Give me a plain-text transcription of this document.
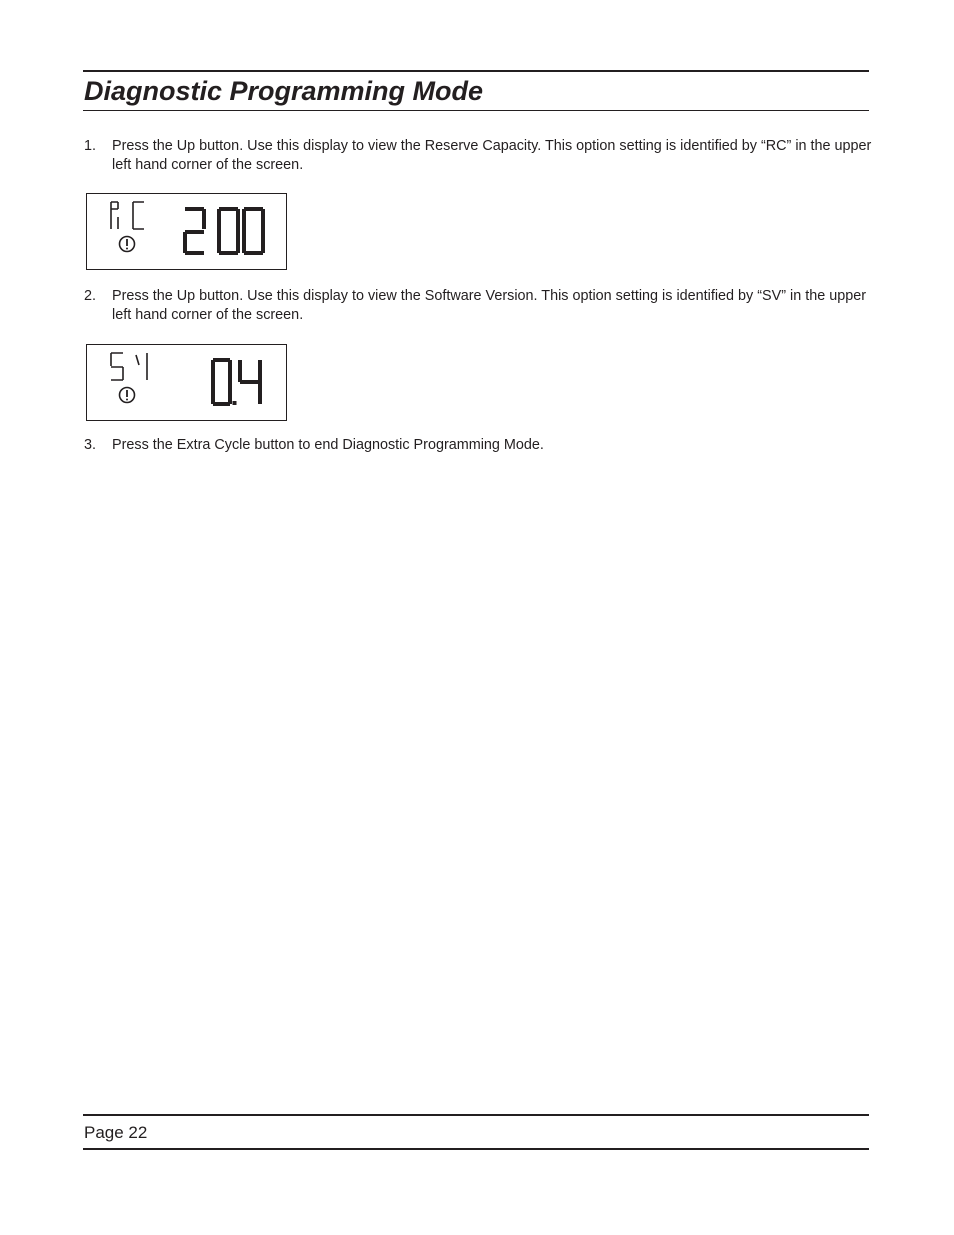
Diagnostic Programming Mode
1. Press the Up button. Use this display to view the Reserve Capacity. This option setting is identified by “RC” in the upper left hand corner of the screen.
2. Press the Up button. Use this display to view the Software Version. This option setting is identified by “SV” in the upper left hand corner of the screen.
3. Press the Extra Cycle button to end Diagnostic Programming Mode.
Page 22
